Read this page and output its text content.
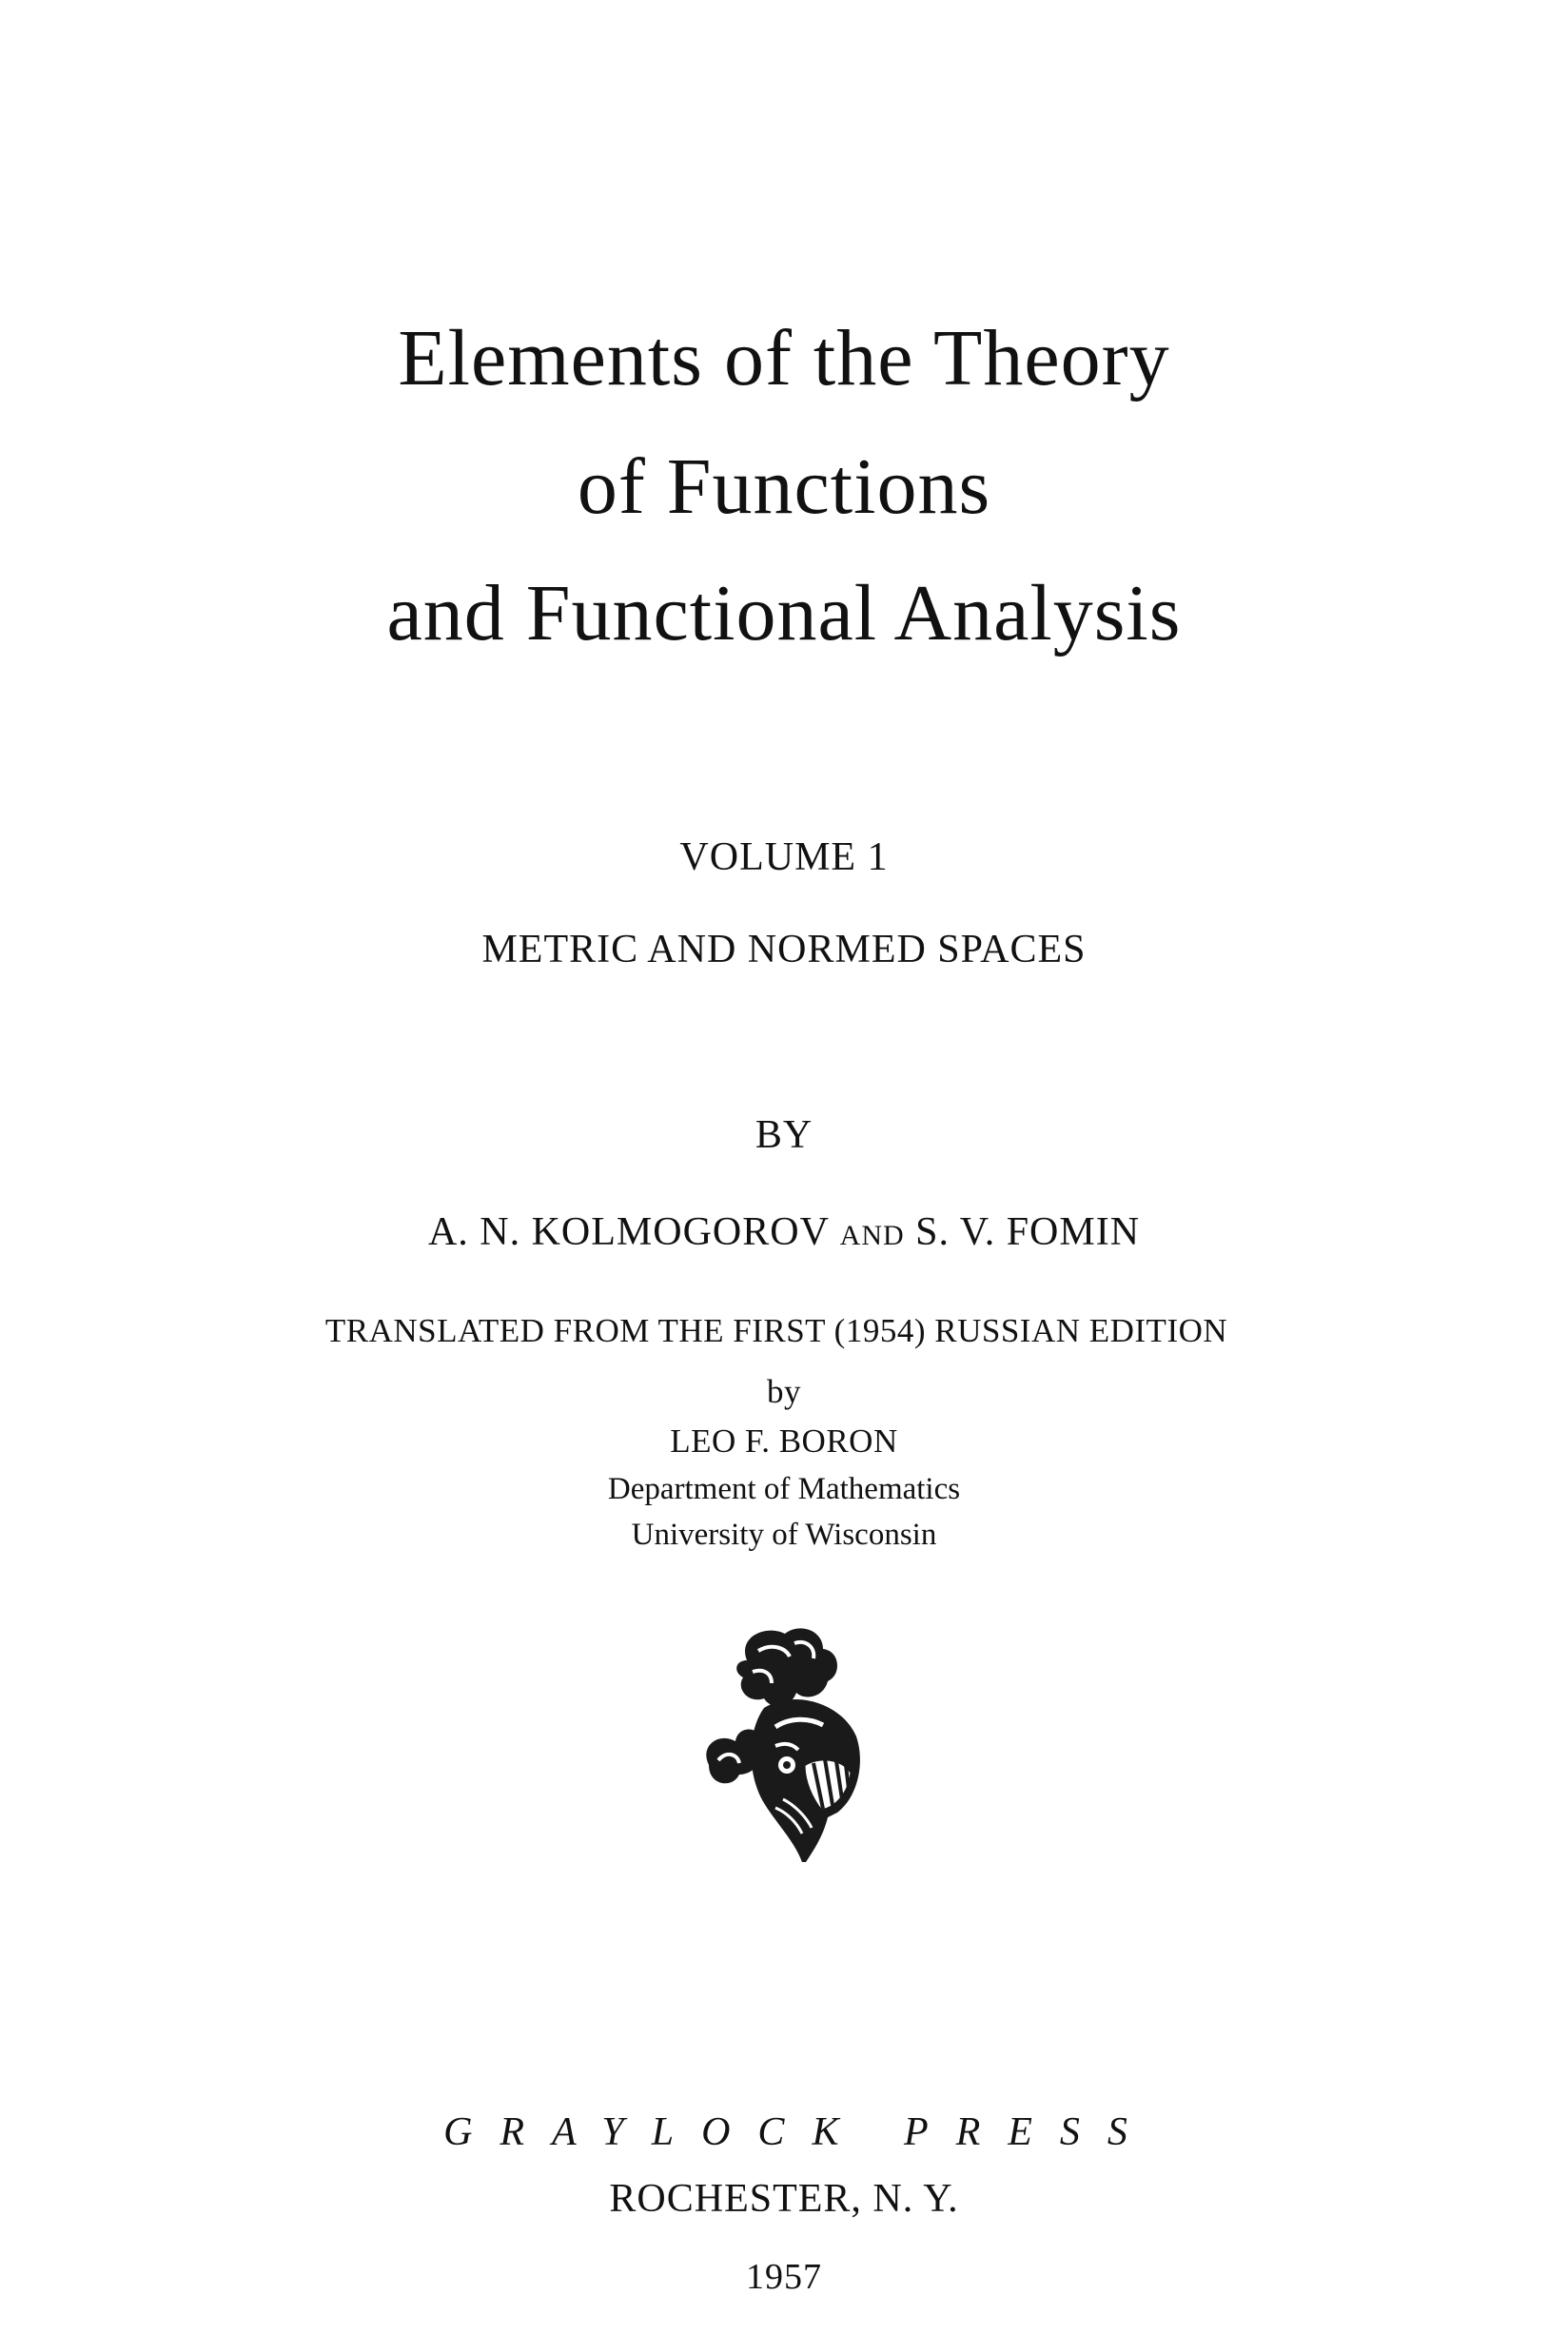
Elements of the Theory
of Functions
and Functional Analysis
VOLUME 1
METRIC AND NORMED SPACES
BY
A. N. KOLMOGOROV AND S. V. FOMIN
TRANSLATED FROM THE FIRST (1954) RUSSIAN EDITION
by
LEO F. BORON
Department of Mathematics
University of Wisconsin
GRAYLOCK PRESS
ROCHESTER, N. Y.
1957
